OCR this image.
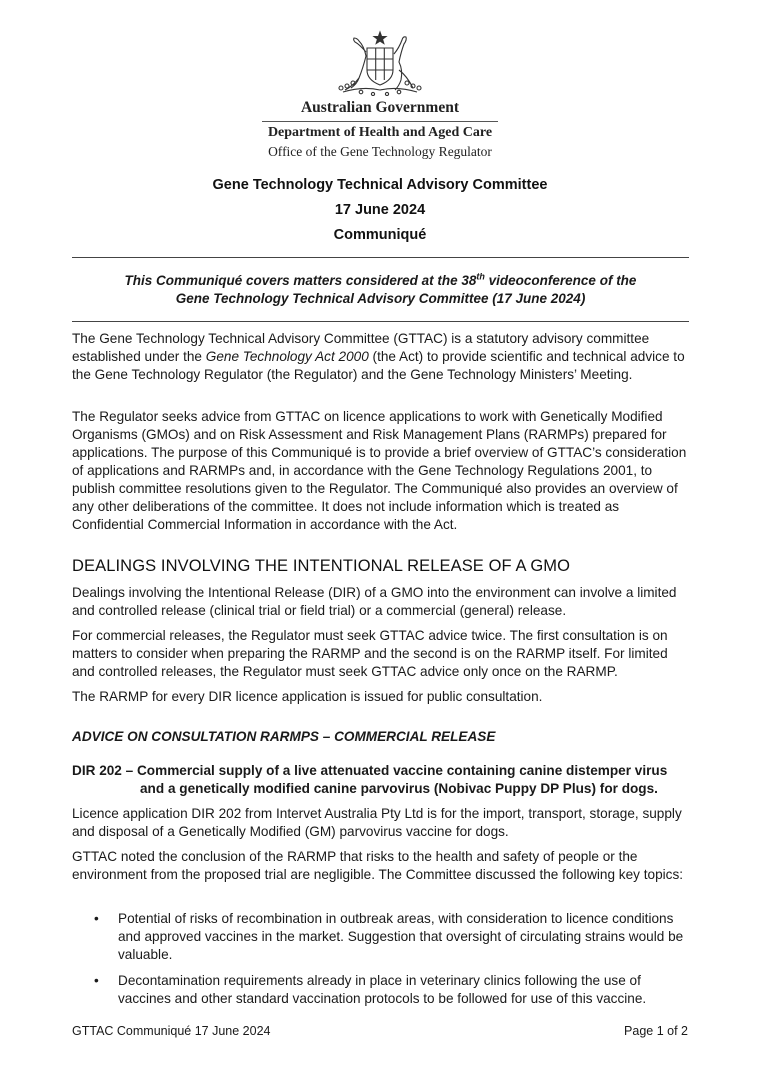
Australian Government
Department of Health and Aged Care
Office of the Gene Technology Regulator
Gene Technology Technical Advisory Committee
17 June 2024
Communiqué
This Communiqué covers matters considered at the 38th videoconference of the
Gene Technology Technical Advisory Committee (17 June 2024)

The Gene Technology Technical Advisory Committee (GTTAC) is a statutory advisory committee established under the Gene Technology Act 2000 (the Act) to provide scientific and technical advice to the Gene Technology Regulator (the Regulator) and the Gene Technology Ministers’ Meeting.

The Regulator seeks advice from GTTAC on licence applications to work with Genetically Modified Organisms (GMOs) and on Risk Assessment and Risk Management Plans (RARMPs) prepared for applications. The purpose of this Communiqué is to provide a brief overview of GTTAC’s consideration of applications and RARMPs and, in accordance with the Gene Technology Regulations 2001, to publish committee resolutions given to the Regulator. The Communiqué also provides an overview of any other deliberations of the committee. It does not include information which is treated as Confidential Commercial Information in accordance with the Act.

DEALINGS INVOLVING THE INTENTIONAL RELEASE OF A GMO

Dealings involving the Intentional Release (DIR) of a GMO into the environment can involve a limited and controlled release (clinical trial or field trial) or a commercial (general) release.

For commercial releases, the Regulator must seek GTTAC advice twice. The first consultation is on matters to consider when preparing the RARMP and the second is on the RARMP itself. For limited and controlled releases, the Regulator must seek GTTAC advice only once on the RARMP.

The RARMP for every DIR licence application is issued for public consultation.

ADVICE ON CONSULTATION RARMPS – COMMERCIAL RELEASE
DIR 202 – Commercial supply of a live attenuated vaccine containing canine distemper virus
and a genetically modified canine parvovirus (Nobivac Puppy DP Plus) for dogs.

Licence application DIR 202 from Intervet Australia Pty Ltd is for the import, transport, storage, supply and disposal of a Genetically Modified (GM) parvovirus vaccine for dogs.

GTTAC noted the conclusion of the RARMP that risks to the health and safety of people or the environment from the proposed trial are negligible. The Committee discussed the following key topics:

• Potential of risks of recombination in outbreak areas, with consideration to licence conditions and approved vaccines in the market. Suggestion that oversight of circulating strains would be valuable.
• Decontamination requirements already in place in veterinary clinics following the use of vaccines and other standard vaccination protocols to be followed for use of this vaccine.
GTTAC Communiqué 17 June 2024	Page 1 of 2
